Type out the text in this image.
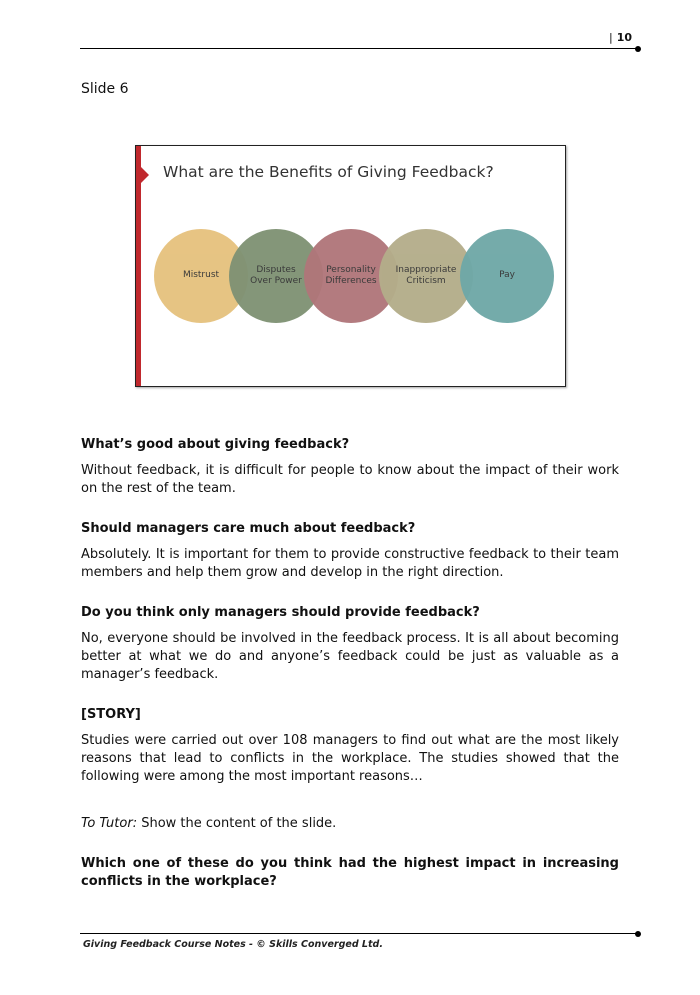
| 10
Slide 6
What are the Benefits of Giving Feedback?
Mistrust
Disputes Over Power
Personality Differences
Inappropriate Criticism
Pay

What’s good about giving feedback?

Without feedback, it is difficult for people to know about the impact of their work on the rest of the team.

Should managers care much about feedback?

Absolutely. It is important for them to provide constructive feedback to their team members and help them grow and develop in the right direction.

Do you think only managers should provide feedback?

No, everyone should be involved in the feedback process. It is all about becoming better at what we do and anyone’s feedback could be just as valuable as a manager’s feedback.

[STORY]

Studies were carried out over 108 managers to find out what are the most likely reasons that lead to conflicts in the workplace. The studies showed that the following were among the most important reasons…

To Tutor: Show the content of the slide.

Which one of these do you think had the highest impact in increasing conflicts in the workplace?

Giving Feedback Course Notes - © Skills Converged Ltd.
